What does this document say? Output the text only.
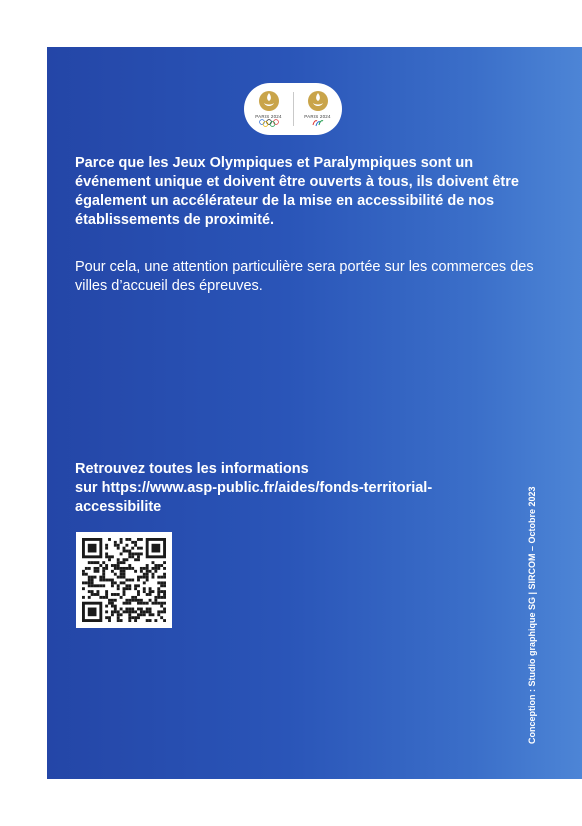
PARIS 2024	PARIS 2024

Parce que les Jeux Olympiques et Paralympiques sont un événement unique et doivent être ouverts à tous, ils doivent être également un accélérateur de la mise en accessibilité de nos établissements de proximité.

Pour cela, une attention particulière sera portée sur les commerces des villes d’accueil des épreuves.

Retrouvez toutes les informations
sur https://www.asp-public.fr/aides/fonds-territorial-
accessibilite	Conception : Studio graphique SG | SIRCOM – Octobre 2023
